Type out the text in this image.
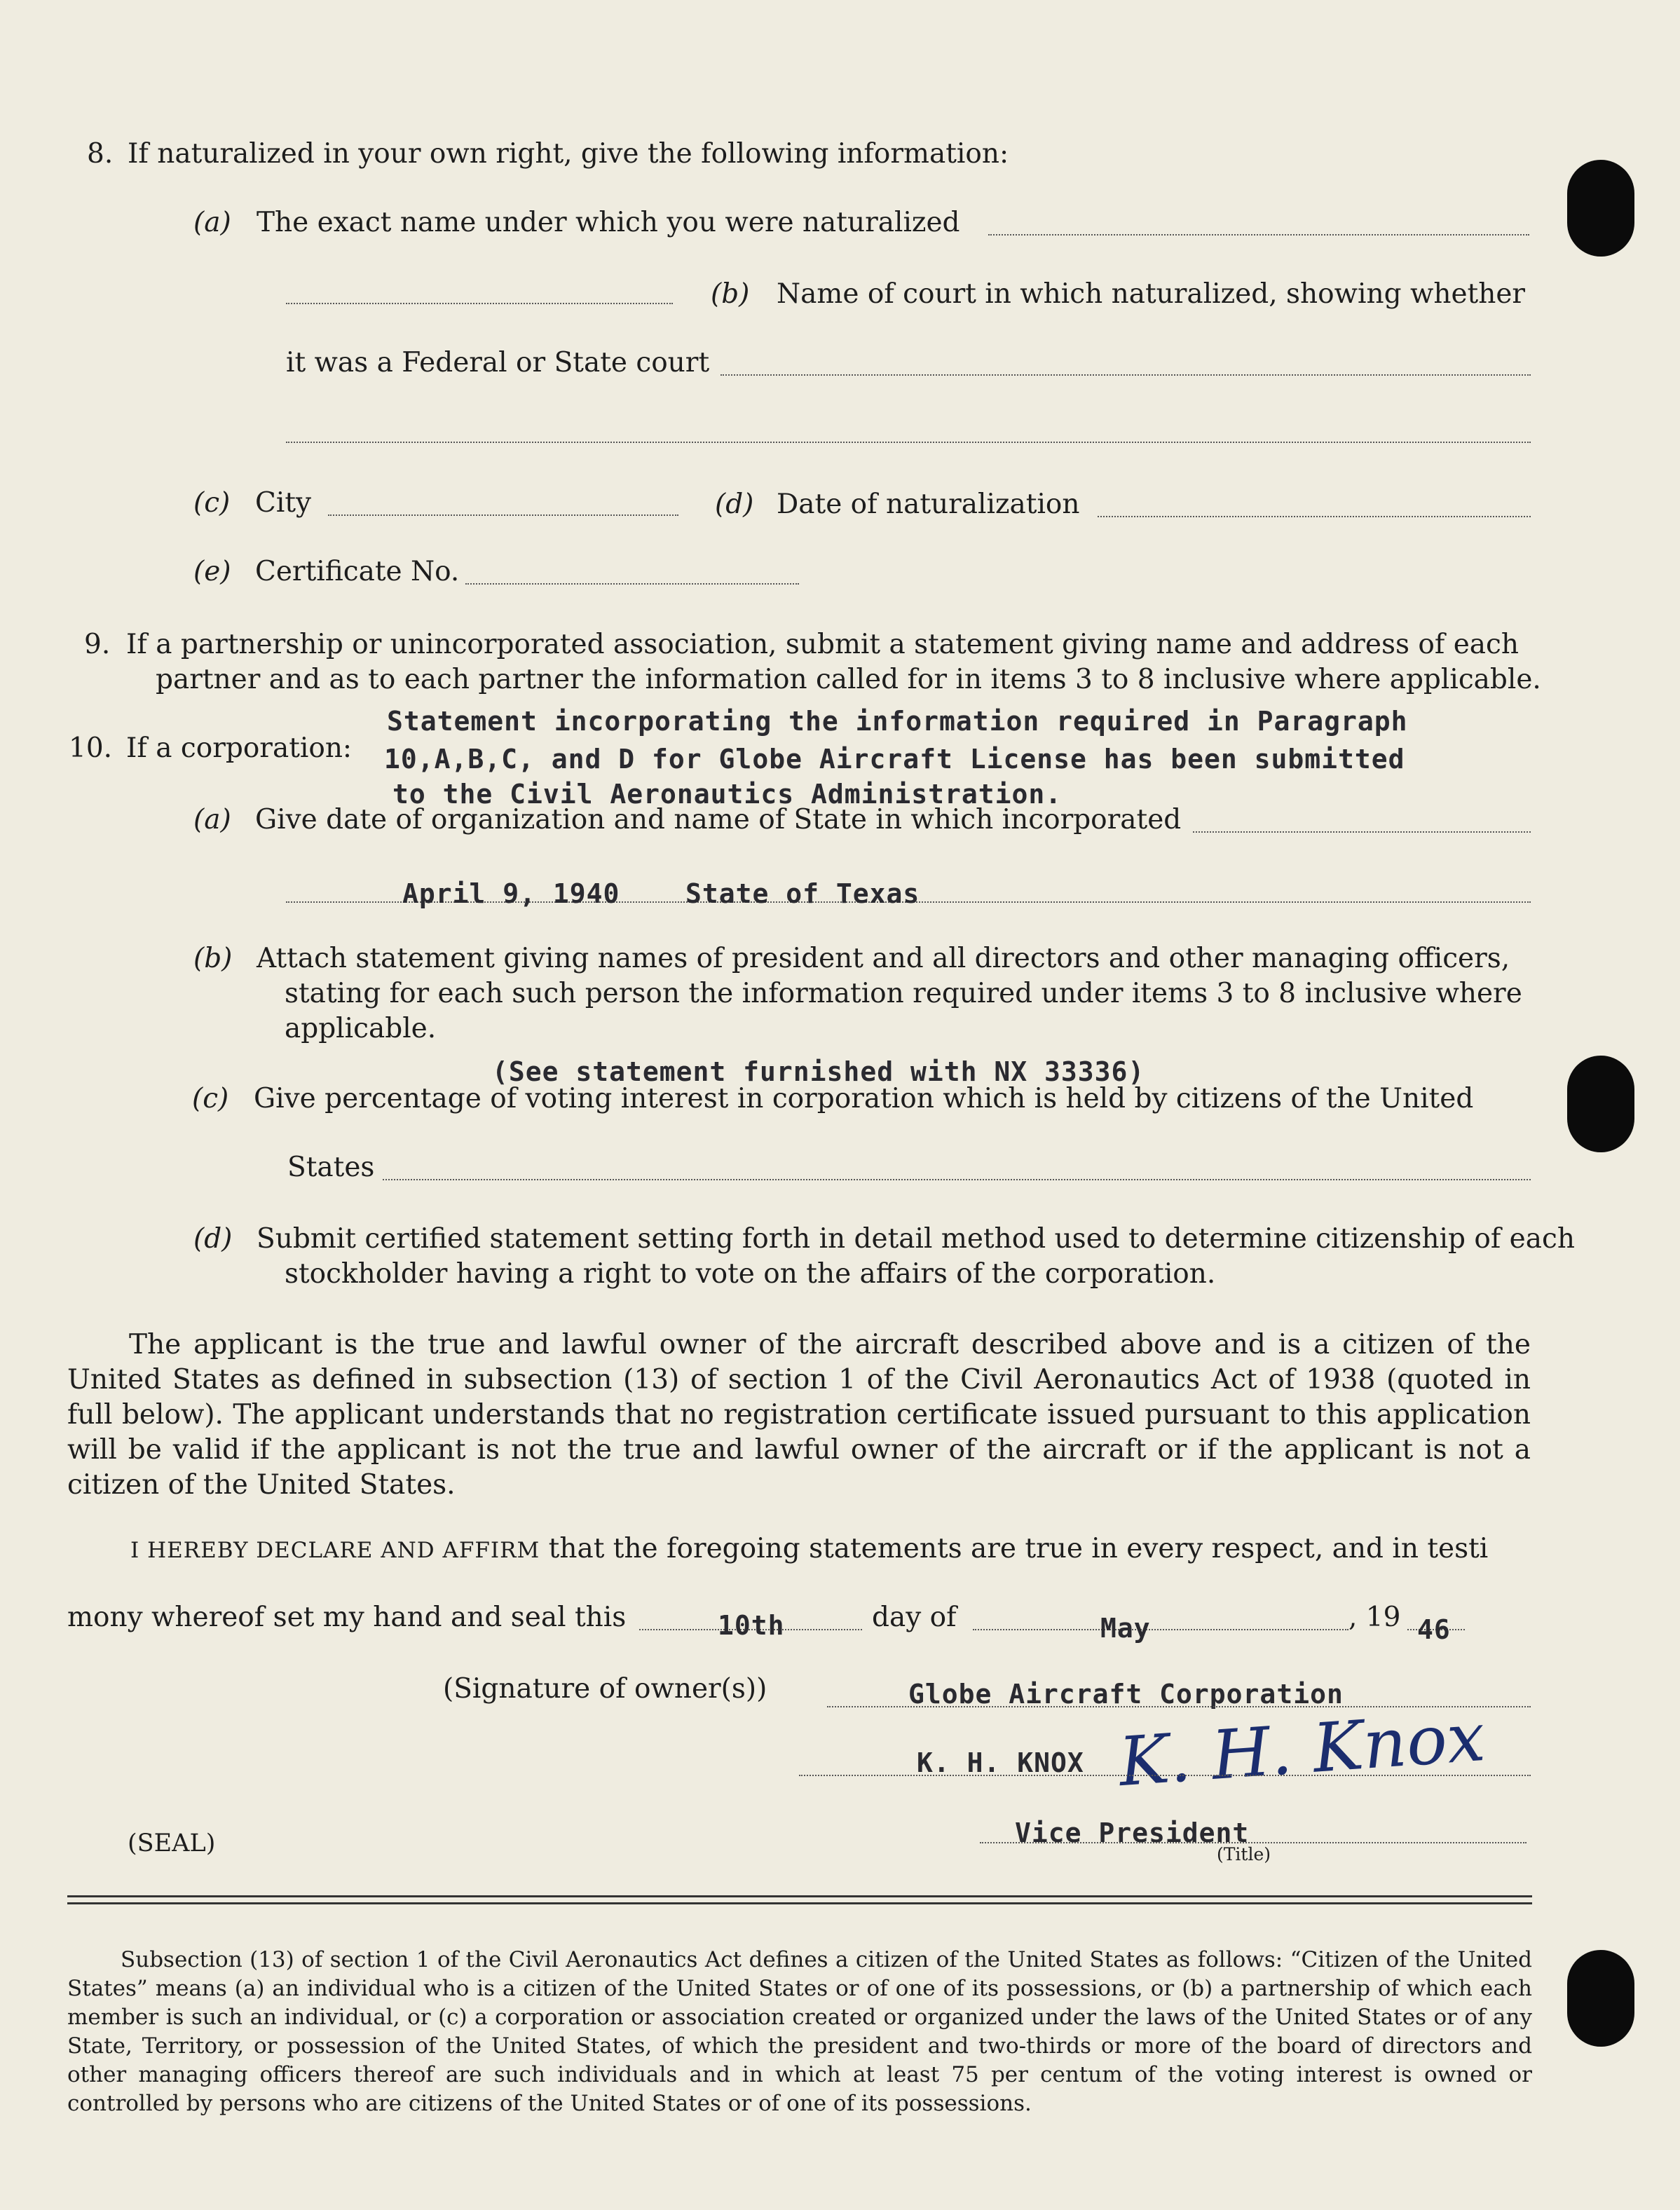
8. If naturalized in your own right, give the following information:
(a) The exact name under which you were naturalized
(b) Name of court in which naturalized, showing whether
it was a Federal or State court
(c) City	(d) Date of naturalization
(e) Certificate No.
9. If a partnership or unincorporated association, submit a statement giving name and address of each
partner and as to each partner the information called for in items 3 to 8 inclusive where applicable.
Statement incorporating the information required in Paragraph
10. If a corporation: 10,A,B,C, and D for Globe Aircraft License has been submitted
to the Civil Aeronautics Administration.
(a) Give date of organization and name of State in which incorporated
April 9, 1940 State of Texas
(b) Attach statement giving names of president and all directors and other managing officers,
stating for each such person the information required under items 3 to 8 inclusive where
applicable.
(See statement furnished with NX 33336)
(c) Give percentage of voting interest in corporation which is held by citizens of the United
States
(d) Submit certified statement setting forth in detail method used to determine citizenship of each
stockholder having a right to vote on the affairs of the corporation.
The applicant is the true and lawful owner of the aircraft described above and is a citizen of the United States as defined in subsection (13) of section 1 of the Civil Aeronautics Act of 1938 (quoted in full below). The applicant understands that no registration certificate issued pursuant to this application will be valid if the applicant is not the true and lawful owner of the aircraft or if the applicant is not a citizen of the United States.
I HEREBY DECLARE AND AFFIRM that the foregoing statements are true in every respect, and in testi
mony whereof set my hand and seal this	10th	day of	May	, 19 46
(Signature of owner(s))	Globe Aircraft Corporation
K. H. KNOX K. H. Knox
(SEAL)	Vice President
(Title)
Subsection (13) of section 1 of the Civil Aeronautics Act defines a citizen of the United States as follows: “Citizen of the United States” means (a) an individual who is a citizen of the United States or of one of its possessions, or (b) a partnership of which each member is such an individual, or (c) a corporation or association created or organized under the laws of the United States or of any State, Territory, or possession of the United States, of which the president and two-thirds or more of the board of directors and other managing officers thereof are such individuals and in which at least 75 per centum of the voting interest is owned or controlled by persons who are citizens of the United States or of one of its possessions.
